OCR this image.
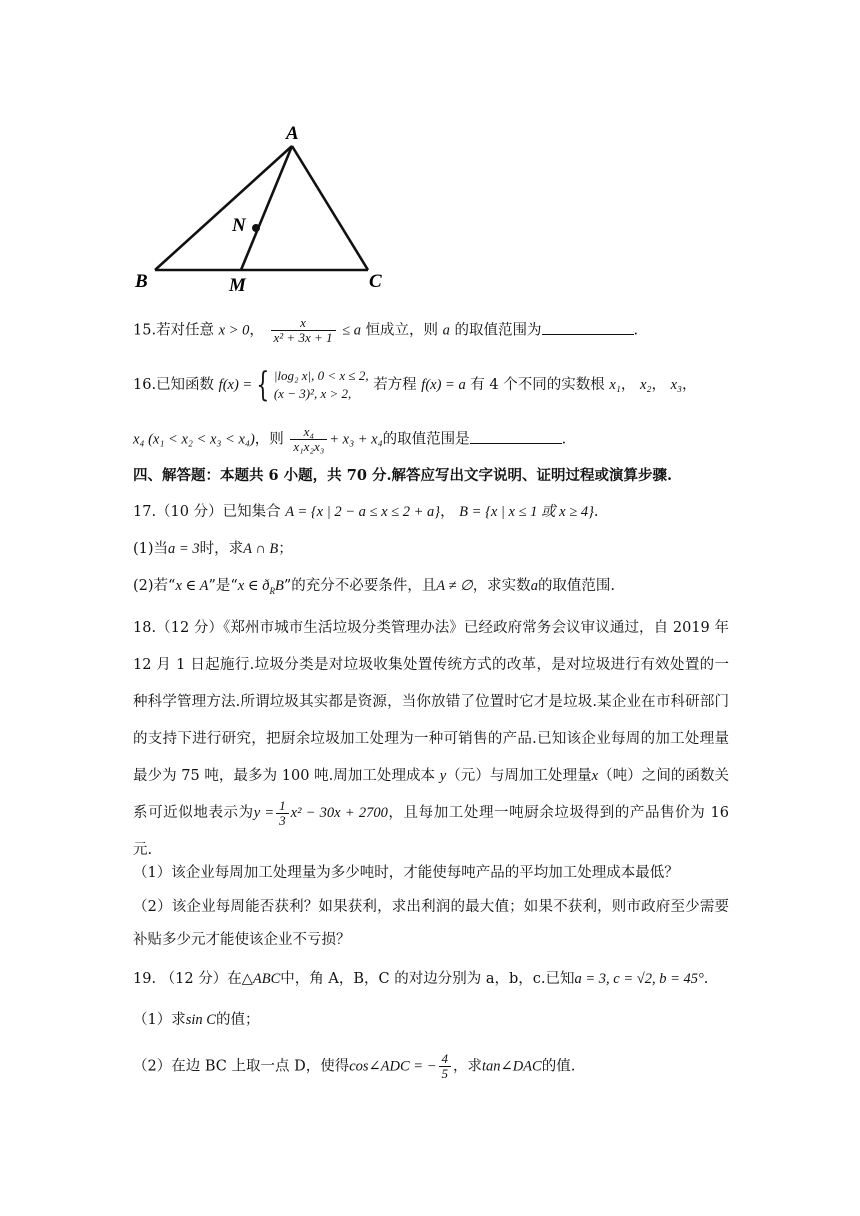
A
N
B	M	C
15.若对任意 x > 0， $\frac{x}{\text{x² + 3x + 1}} \le a$ 恒成立，则 a 的取值范围为	.
16.已知函数 f(x) = { |log₂ x|, 0 < x ≤ 2,
(x − 3)², x > 2,
若方程 f(x) = a 有 4 个不同的实数根 x₁， x₂， x₃，
x₄ (x₁ < x₂ < x₃ < x₄)，则 $\frac{\text{x₄}}{\text{x₁x₂x₃}} + x_3 + x_4$的取值范围是	.
四、解答题：本题共 6 小题，共 70 分.解答应写出文字说明、证明过程或演算步骤.
17.（10 分）已知集合 A = {x | 2 − a ≤ x ≤ 2 + a}， B = {x | x ≤ 1 或 x ≥ 4}.
(1)当a = 3时，求A ∩ B；
(2)若“x ∈ A”是“x ∈ $ð_RB$”的充分不必要条件，且A ≠ ∅，求实数a的取值范围.
18.（12 分）《郑州市城市生活垃圾分类管理办法》已经政府常务会议审议通过，自 2019 年 12 月 1 日起施行.垃圾分类是对垃圾收集处置传统方式的改革，是对垃圾进行有效处置的一种科学管理方法.所谓垃圾其实都是资源，当你放错了位置时它才是垃圾.某企业在市科研部门的支持下进行研究，把厨余垃圾加工处理为一种可销售的产品.已知该企业每周的加工处理量最少为 75 吨，最多为 100 吨.周加工处理成本 y（元）与周加工处理量x（吨）之间的函数关系可近似地表示为$y = \frac{1}{3} x^2 - 30x + 2700$，且每加工处理一吨厨余垃圾得到的产品售价为 16 元.
（1）该企业每周加工处理量为多少吨时，才能使每吨产品的平均加工处理成本最低？
（2）该企业每周能否获利？如果获利，求出利润的最大值；如果不获利，则市政府至少需要补贴多少元才能使该企业不亏损？
19. （12 分）在△ABC中，角 A，B，C 的对边分别为 a，b，c.已知a = 3, c = √2, b = 45°.
（1）求sin C的值；
（2）在边 BC 上取一点 D，使得cos∠ADC = − $\frac{4}{5}$ ，求tan∠DAC的值.
